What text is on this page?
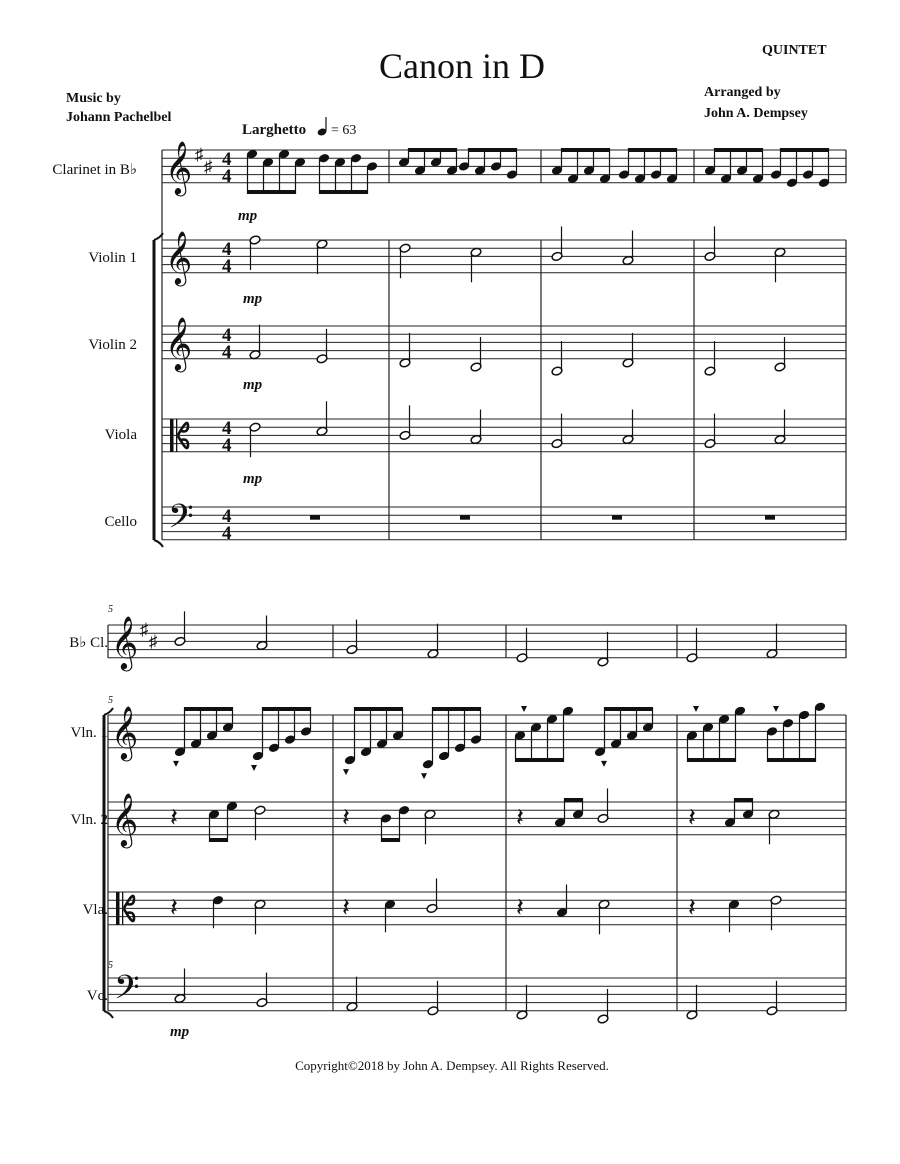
Canon in D	QUINTET
Music by
Johann Pachelbel
Arranged by
John A. Dempsey
Larghetto = 63
Clarinet in B♭
Violin 1
Violin 2
Viola
Cello
mp
mp
mp
mp
5
5
5
B♭ Cl.
Vln. 1
Vln. 2
Vla.
Vc.
mp
Copyright©2018 by John A. Dempsey. All Rights Reserved.
𝄞 ♯
♯ 4
4
𝄞 4
4
𝄞 4
4
4
4
𝄢 4
4
𝄞 ♯
♯
𝄞
𝄞
𝄢
𝄽	𝄽	𝄽	𝄽
𝄽	𝄽	𝄽	𝄽
